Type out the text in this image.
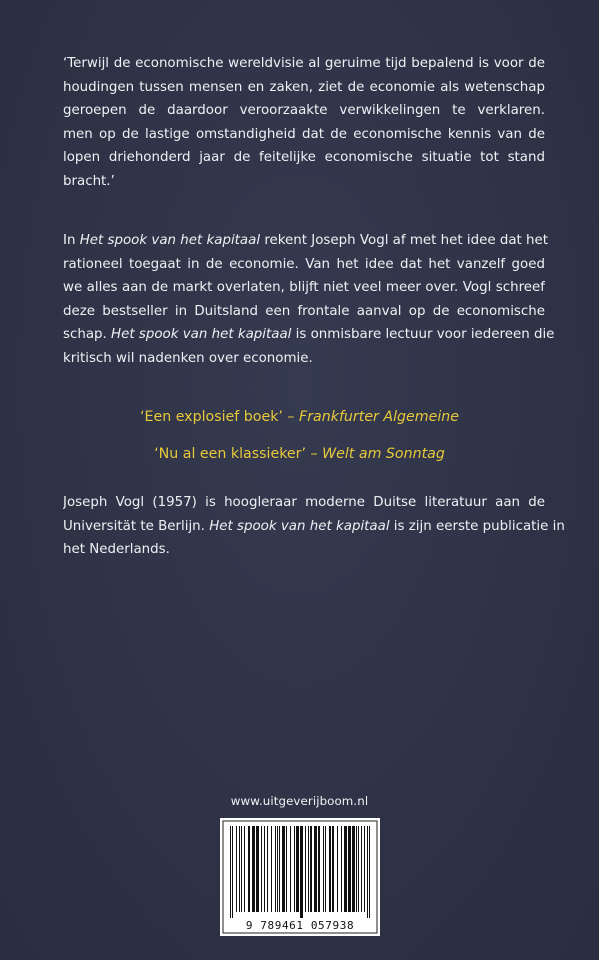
‘Terwijl de economische wereldvisie al geruime tijd bepalend is voor de
houdingen tussen mensen en zaken, ziet de economie als wetenschap
geroepen de daardoor veroorzaakte verwikkelingen te verklaren.
men op de lastige omstandigheid dat de economische kennis van de
lopen driehonderd jaar de feitelijke economische situatie tot stand
bracht.’
In Het spook van het kapitaal rekent Joseph Vogl af met het idee dat het
rationeel toegaat in de economie. Van het idee dat het vanzelf goed
we alles aan de markt overlaten, blijft niet veel meer over. Vogl schreef
deze bestseller in Duitsland een frontale aanval op de economische
schap. Het spook van het kapitaal is onmisbare lectuur voor iedereen die
kritisch wil nadenken over economie.
‘Een explosief boek’ – Frankfurter Algemeine
‘Nu al een klassieker’ – Welt am Sonntag
Joseph Vogl (1957) is hoogleraar moderne Duitse literatuur aan de
Universität te Berlijn. Het spook van het kapitaal is zijn eerste publicatie in
het Nederlands.
www.uitgeverijboom.nl
9 789461 057938
